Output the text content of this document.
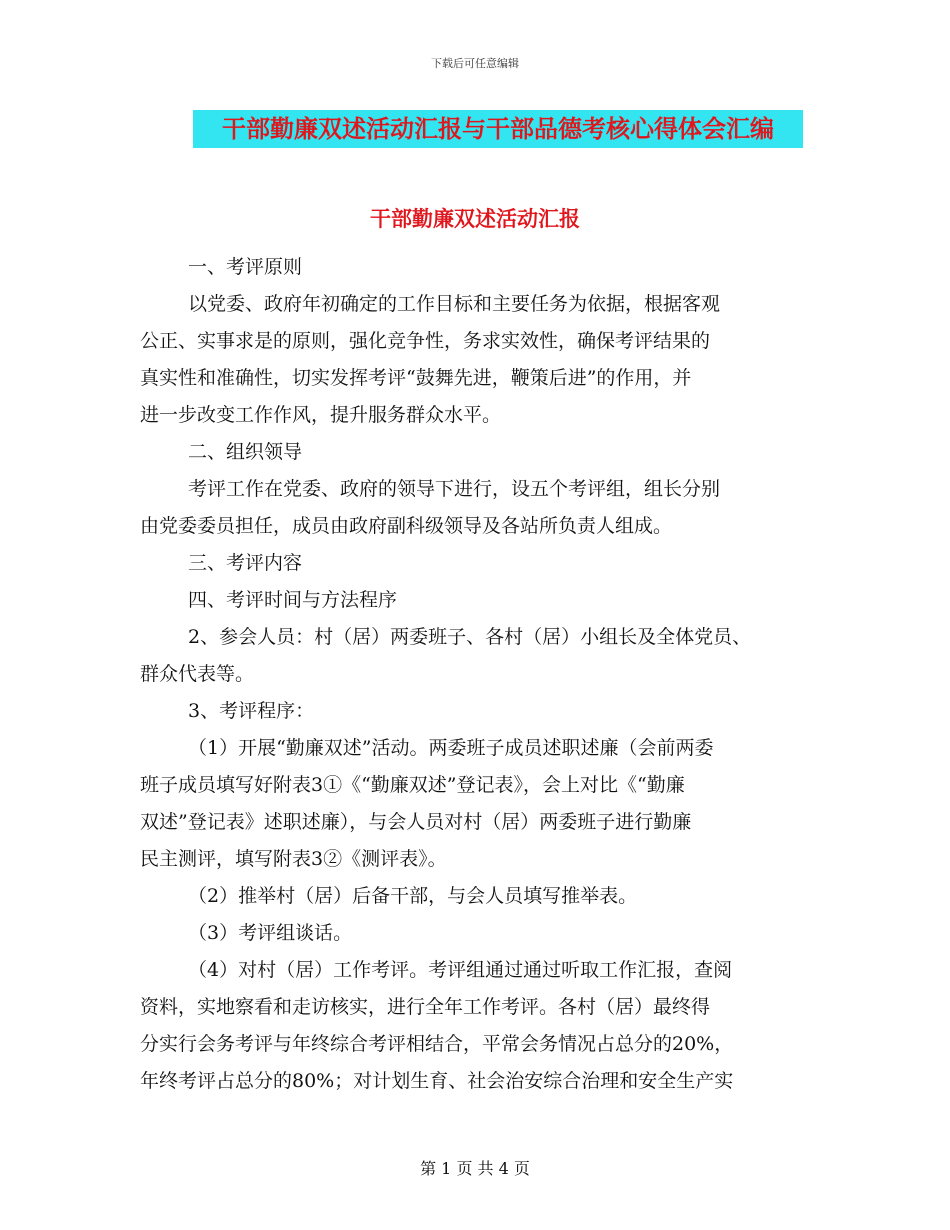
下载后可任意编辑
干部勤廉双述活动汇报与干部品德考核心得体会汇编
干部勤廉双述活动汇报
一、考评原则
以党委、政府年初确定的工作目标和主要任务为依据，根据客观
公正、实事求是的原则，强化竞争性，务求实效性，确保考评结果的
真实性和准确性，切实发挥考评“鼓舞先进，鞭策后进”的作用，并
进一步改变工作作风，提升服务群众水平。
二、组织领导
考评工作在党委、政府的领导下进行，设五个考评组，组长分别
由党委委员担任，成员由政府副科级领导及各站所负责人组成。
三、考评内容
四、考评时间与方法程序
2、参会人员：村（居）两委班子、各村（居）小组长及全体党员、
群众代表等。
3、考评程序：
（1）开展“勤廉双述”活动。两委班子成员述职述廉（会前两委
班子成员填写好附表3①《“勤廉双述”登记表》，会上对比《“勤廉
双述”登记表》述职述廉），与会人员对村（居）两委班子进行勤廉
民主测评，填写附表3②《测评表》。
（2）推举村（居）后备干部，与会人员填写推举表。
（3）考评组谈话。
（4）对村（居）工作考评。考评组通过通过听取工作汇报，查阅
资料，实地察看和走访核实，进行全年工作考评。各村（居）最终得
分实行会务考评与年终综合考评相结合，平常会务情况占总分的20%，
年终考评占总分的80%；对计划生育、社会治安综合治理和安全生产实
第 1 页 共 4 页
